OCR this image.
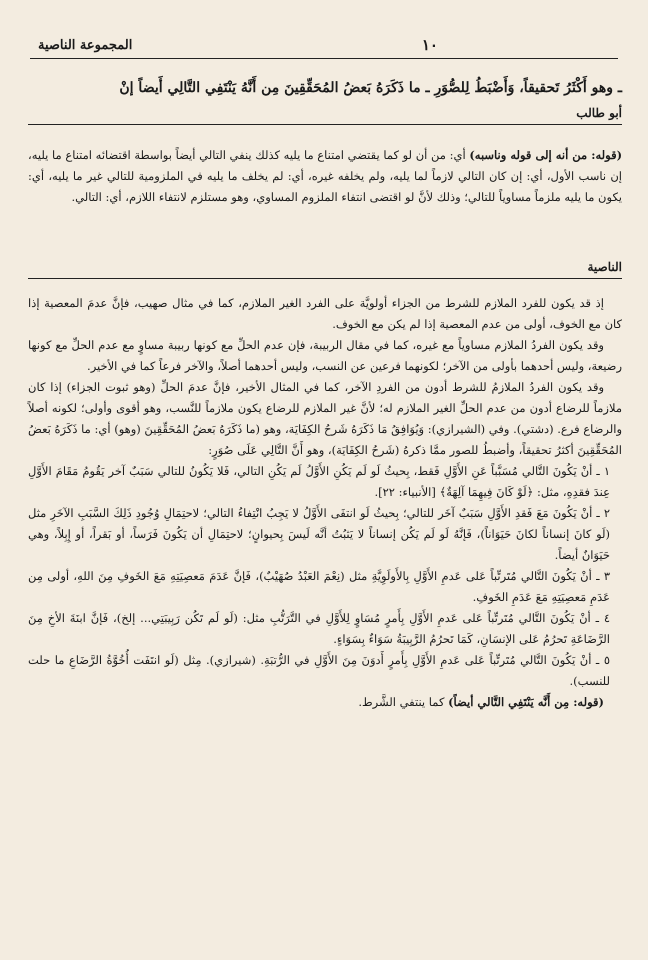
١٠
المجموعة الناصية

ـ وهو أَكْثَرُ تَحقيقاً، وَأَضْبَطُ لِلصُّوَرِ ـ ما ذَكَرَهُ بَعضُ المُحَقِّقِينَ مِن أَنَّهُ يَنْتَفِي التَّالِي أَيضاً إنْ

أبو طالب

(قوله: من أنه إلى قوله وناسبه) أي: من أن لو كما يقتضي امتناع ما يليه كذلك ينفي التالي أيضاً بواسطة اقتضائه امتناع ما يليه، إن ناسب الأول، أي: إن كان التالي لازماً لما يليه، ولم يخلفه غيره، أي: لم يخلف ما يليه في الملزومية للتالي غير ما يليه، أي: يكون ما يليه ملزماً مساوياً للتالي؛ وذلك لأنَّ لو اقتضى انتفاء الملزوم المساوي، وهو مستلزم لانتفاء اللازم، أي: التالي.

الناصية

إذ قد يكون للفرد الملازم للشرط من الجزاء أولويَّة على الفرد الغير الملازم، كما في مثال صهيب، فإنَّ عدمَ المعصية إذا كان مع الخوف، أولى من عدم المعصية إذا لم يكن مع الخوف.

وقد يكون الفردُ الملازم مساوياً مع غيره، كما في مقال الربيبة، فإن عدم الحلِّ مع كونها ربيبة مساوٍ مع عدم الحلِّ مع كونها رضيعة، وليس أحدهما بأولى من الآخر؛ لكونهما فرعين عن النسب، وليس أحدهما أصلاً، والآخر فرعاً كما في الأخير.

وقد يكون الفردُ الملازمُ للشرط أدون من الفردِ الآخر، كما في المثال الأخير، فإنَّ عدمَ الحلِّ (وهو ثبوت الجزاء) إذا كان ملازماً للرضاع أدون من عدم الحلِّ الغير الملازم له؛ لأنَّ غير الملازم للرضاع يكون ملازماً للنَّسب، وهو أقوى وأولى؛ لكونه أصلاً والرضاع فرع. (دشتي). وفي (الشيرازي): وَيُوَافِقُ مَا ذَكَرَهُ شَرحُ الكِفَايَة، وهو (ما ذَكَرَهُ بَعضُ المُحَقِّقِينَ (وهو) أي: ما ذَكَرَهُ بَعضُ المُحَقِّقِينَ أكثرُ تحقيقاً، وأضبطُ للصور ممَّا ذكرهُ (شَرحُ الكِفَايَة)، وهو أَنَّ التَّالِي عَلَى صُوَرٍ:

١ ـ أنْ يَكُونَ التَّالي مُسَبَّباً عَنِ الأَوَّلِ فَقط، بِحيثُ لَو لَم يَكُنِ الأَوَّلُ لَم يَكُنِ التالي، فَلا يَكُونُ للتالي سَبَبٌ آخر يَقُومُ مَقَامَ الأَوَّلِ عِندَ فقدِهِ، مثل: ﴿لَوْ كَانَ فِيهِمَا آلِهَةٌ﴾ [الأنبياء: ٢٢].

٢ ـ أنْ يَكُونَ مَعَ فَقدِ الأَوَّلِ سَبَبٌ آخَر للتالي؛ بِحيثُ لَو انتفَى الأَوَّلُ لا يَجِبُ انْتِفاءُ التالي؛ لاحتِمَالِ وُجُودِ ذَلِكَ السَّبَبِ الآخَرِ مثل (لَو كانَ إنساناً لكانَ حَيَوَاناً)، فَإنَّهُ لَو لَم يَكُن إنساناً لا يَثبُتُ أنَّه لَيسَ بِحيوانٍ؛ لاحتِمَالِ أن يَكُونَ فَرَساً، أو بَقراً، أو إِبِلاً، وهي حَيَوَانٌ أيضاً.

٣ ـ أنْ يَكُونَ التَّالي مُتَرتِّباً عَلى عَدمِ الأَوَّلِ بِالأَولَوِيَّةِ مثل (نِعْمَ العَبْدُ صُهَيْبٌ)، فَإنَّ عَدَمَ مَعصِيَتِهِ مَعَ الخَوفِ مِنَ اللهِ، أولى مِن عَدَمِ مَعصِيَتِهِ مَعَ عَدَمِ الخَوفِ.

٤ ـ أنْ يَكُونَ التَّالي مُتَرتِّباً عَلى عَدمِ الأَوَّلِ بِأَمرٍ مُسَاوٍ لِلأَوَّلِ في التَّرَتُّبِ مثل: (لَو لَم تَكُن رَبِيبَتِي... إلخ)، فَإنَّ ابنَةَ الأخِ مِنَ الرَّضَاعَةِ تَحرُمُ عَلى الإنسَانِ، كَمَا تَحرُمُ الرَّبِيبَةُ سَوَاءٌ بِسَوَاءٍ.

٥ ـ أنْ يَكُونَ التَّالي مُتَرتِّباً عَلى عَدمِ الأَوَّلِ بِأَمرٍ أَدوَنَ مِنَ الأَوَّلِ في الرُّتبَةِ. (شيرازي). مِثل (لَو انتَفَت أُخُوَّةُ الرَّضَاعِ ما حلت للنسب).

(قوله: مِن أَنَّه يَنْتَفِي التَّالي أيضاً) كما ينتفي الشَّرط.
